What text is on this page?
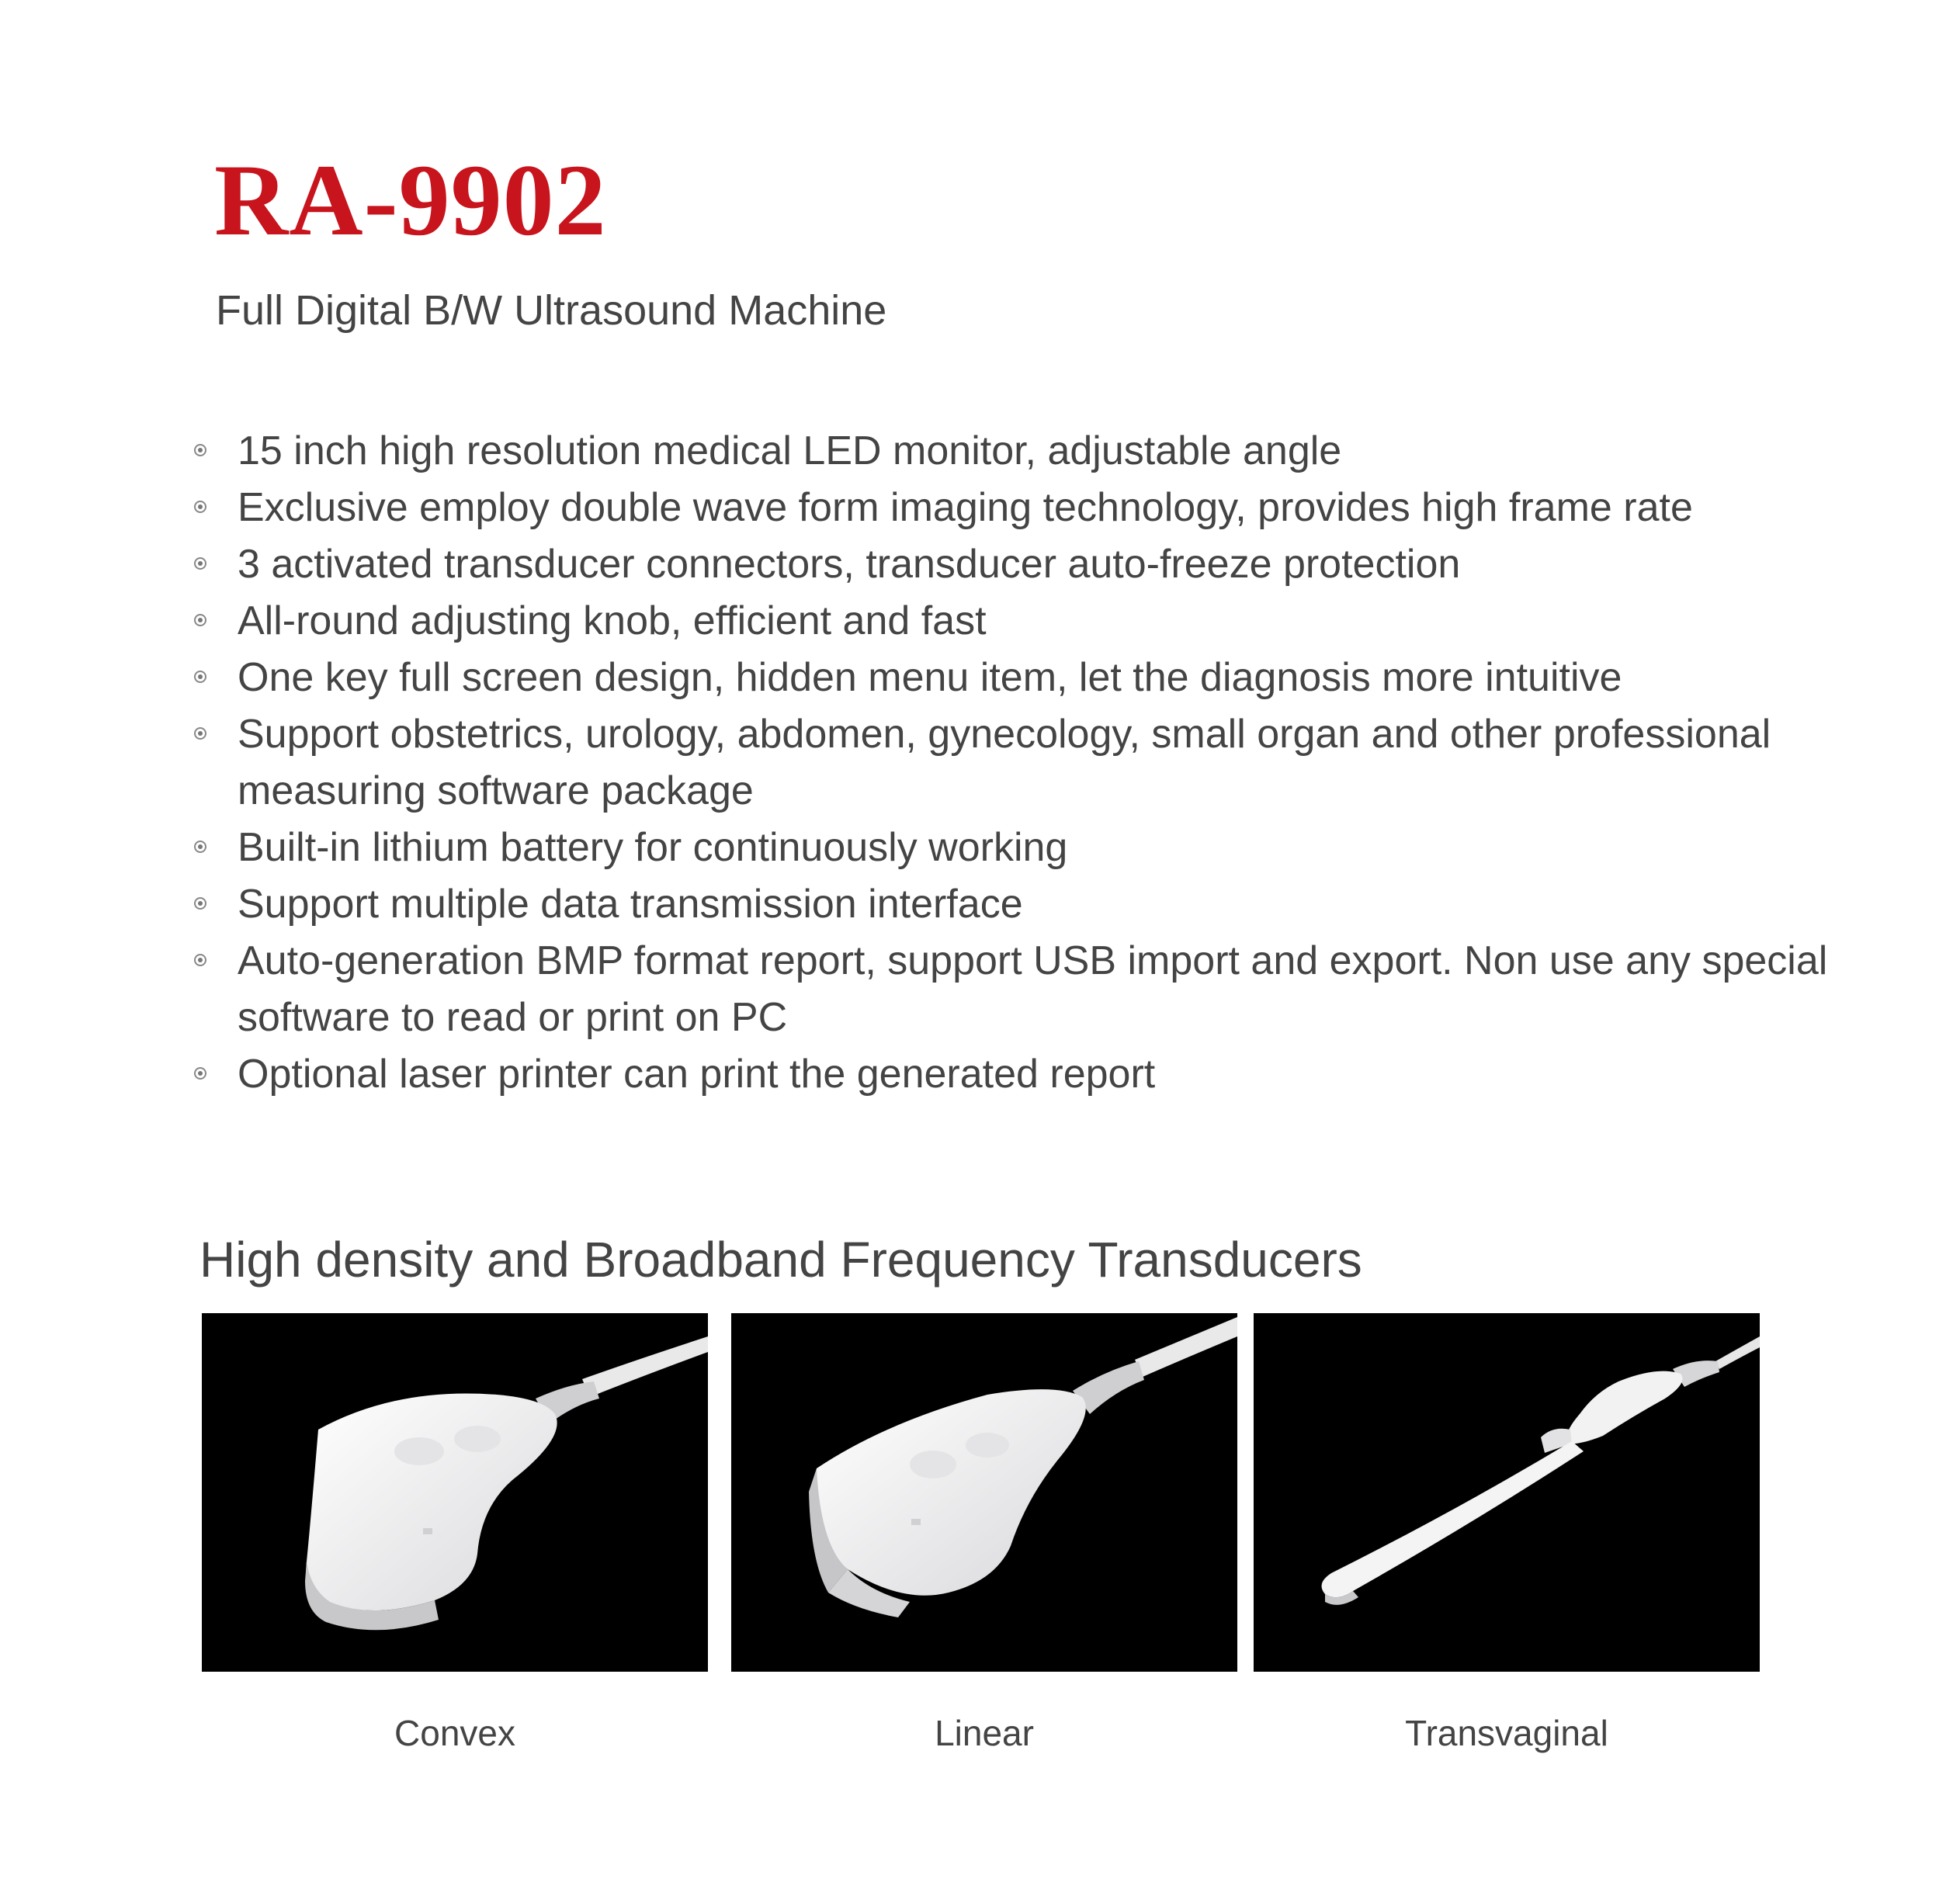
RA-9902

Full Digital B/W Ultrasound Machine

15 inch high resolution medical LED monitor, adjustable angle
Exclusive employ double wave form imaging technology, provides high frame rate
3 activated transducer connectors, transducer auto-freeze protection
All-round adjusting knob, efficient and fast
One key full screen design, hidden menu item, let the diagnosis more intuitive
Support obstetrics, urology, abdomen, gynecology, small organ and other professional measuring software package
Built-in lithium battery for continuously working
Support multiple data transmission interface
Auto-generation BMP format report, support USB import and export. Non use any special software to read or print on PC
Optional laser printer can print the generated report
High density and Broadband Frequency Transducers
Convex	Linear	Transvaginal
